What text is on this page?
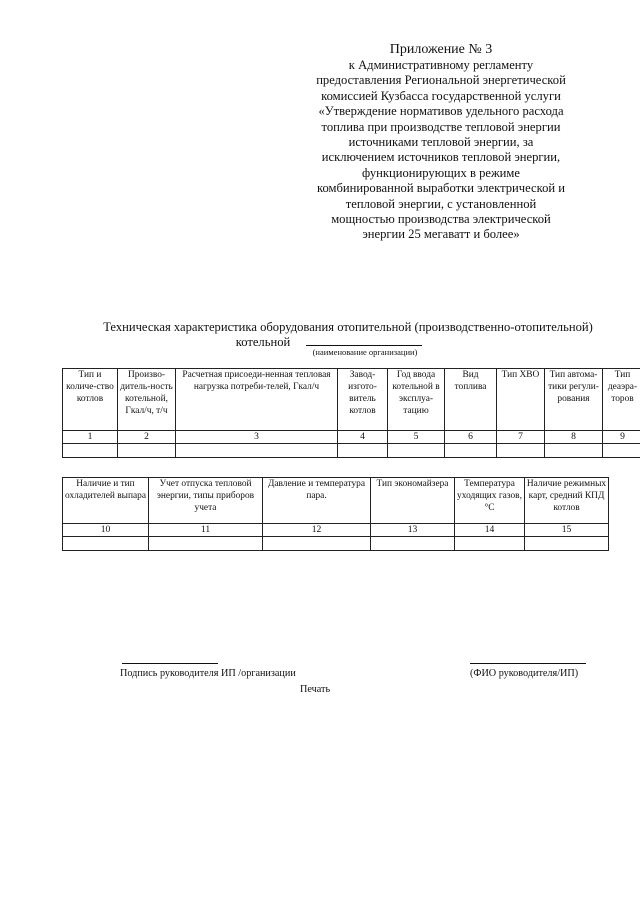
Приложение № 3
к Административному регламенту
предоставления Региональной энергетической
комиссией Кузбасса государственной услуги
«Утверждение нормативов удельного расхода
топлива при производстве тепловой энергии
источниками тепловой энергии, за
исключением источников тепловой энергии,
функционирующих в режиме
комбинированной выработки электрической и
тепловой энергии, с установленной
мощностью производства электрической
энергии 25 мегаватт и более»
Техническая характеристика оборудования отопительной (производственно-отопительной)
котельной
(наименование организации)
Тип и количе-ство котлов	Произво-дитель-ность котельной, Гкал/ч, т/ч	Расчетная присоеди-ненная тепловая нагрузка потреби-телей, Гкал/ч	Завод-изгото-витель котлов	Год ввода котельной в эксплуа-тацию	Вид топлива	Тип ХВО	Тип автома-тики регули-рования	Тип деаэра-торов
1	2	3	4	5	6	7	8	9

Наличие и тип охладителей выпара	Учет отпуска тепловой энергии, типы приборов учета	Давление и температура пара.	Тип экономайзера	Температура уходящих газов, °С	Наличие режимных карт, средний КПД котлов
10	11	12	13	14	15

Подпись руководителя ИП /организации	(ФИО руководителя/ИП)
Печать
